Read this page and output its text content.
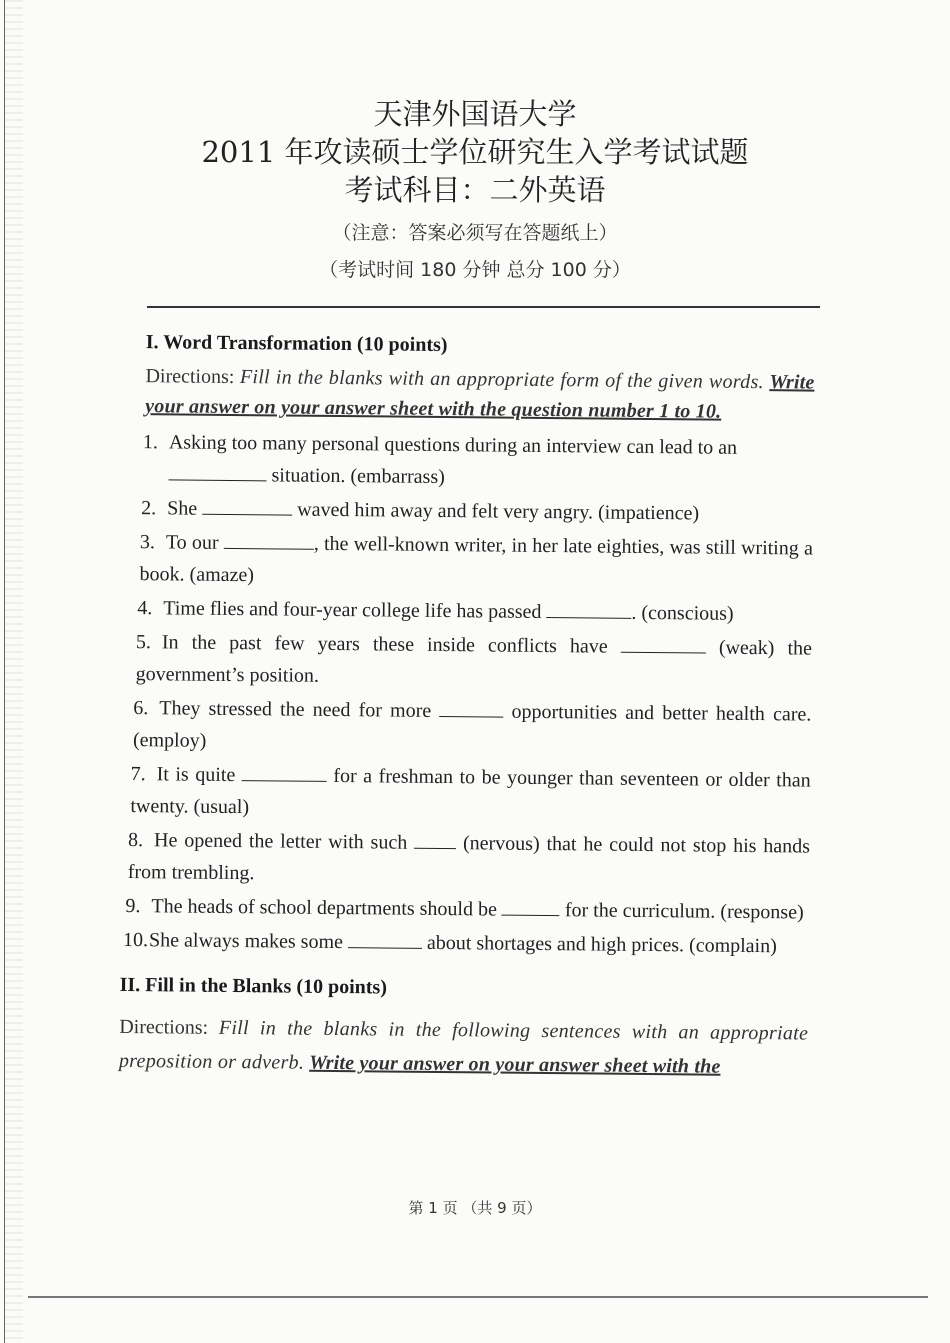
天津外国语大学
2011 年攻读硕士学位研究生入学考试试题
考试科目：二外英语
（注意：答案必须写在答题纸上）
（考试时间 180 分钟 总分 100 分）
I. Word Transformation (10 points)
Directions: Fill in the blanks with an appropriate form of the given words. Write your answer on your answer sheet with the question number 1 to 10.
1. Asking too many personal questions during an interview can lead to an
situation. (embarrass)
2. She	waved him away and felt very angry. (impatience)
3. To our	, the well-known writer, in her late eighties, was still writing a book. (amaze)
4. Time flies and four-year college life has passed	. (conscious)
5. In the past few years these inside conflicts have	(weak) the government’s position.
6. They stressed the need for more	opportunities and better health care. (employ)
7. It is quite	for a freshman to be younger than seventeen or older than twenty. (usual)
8. He opened the letter with such  (nervous) that he could not stop his hands from trembling.
9. The heads of school departments should be	for the curriculum. (response)
10.She always makes some	about shortages and high prices. (complain)
II. Fill in the Blanks (10 points)
Directions: Fill in the blanks in the following sentences with an appropriate preposition or adverb. Write your answer on your answer sheet with the
第 1 页 （共 9 页）
